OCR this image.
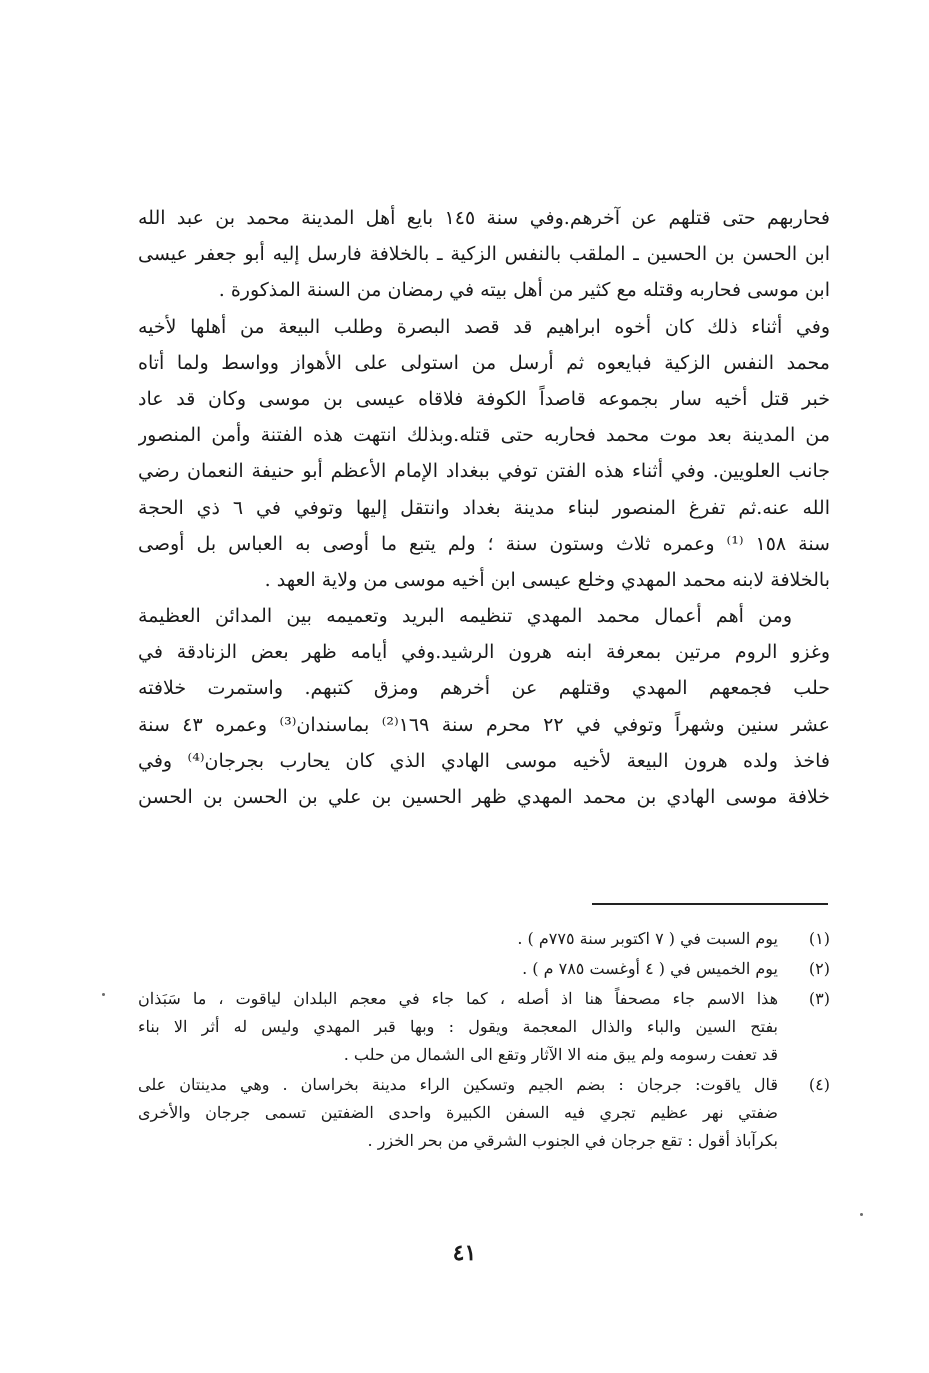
فحاربهم حتى قتلهم عن آخرهم.وفي سنة ١٤٥ بايع أهل المدينة محمد بن عبد الله
ابن الحسن بن الحسين ـ الملقب بالنفس الزكية ـ بالخلافة فارسل إليه أبو جعفر عيسى
ابن موسى فحاربه وقتله مع كثير من أهل بيته في رمضان من السنة المذكورة .
وفي أثناء ذلك كان أخوه ابراهيم قد قصد البصرة وطلب البيعة من أهلها لأخيه
محمد النفس الزكية فبايعوه ثم أرسل من استولى على الأهواز وواسط ولما أتاه
خبر قتل أخيه سار بجموعه قاصداً الكوفة فلاقاه عيسى بن موسى وكان قد عاد
من المدينة بعد موت محمد فحاربه حتى قتله.وبذلك انتهت هذه الفتنة وأمن المنصور
جانب العلويين. وفي أثناء هذه الفتن توفي ببغداد الإمام الأعظم أبو حنيفة النعمان رضي
الله عنه.ثم تفرغ المنصور لبناء مدينة بغداد وانتقل إليها وتوفي في ٦ ذي الحجة
سنة ١٥٨ ⁽¹⁾ وعمره ثلاث وستون سنة ؛ ولم يتبع ما أوصى به العباس بل أوصى
بالخلافة لابنه محمد المهدي وخلع عيسى ابن أخيه موسى من ولاية العهد .
ومن أهم أعمال محمد المهدي تنظيمه البريد وتعميمه بين المدائن العظيمة
وغزو الروم مرتين بمعرفة ابنه هرون الرشيد.وفي أيامه ظهر بعض الزنادقة في
حلب فجمعهم المهدي وقتلهم عن أخرهم ومزق كتبهم. واستمرت خلافته
عشر سنين وشهراً وتوفي في ٢٢ محرم سنة ١٦٩⁽²⁾ بماسندان⁽³⁾ وعمره ٤٣ سنة
فاخذ ولده هرون البيعة لأخيه موسى الهادي الذي كان يحارب بجرجان⁽⁴⁾ وفي
خلافة موسى الهادي بن محمد المهدي ظهر الحسين بن علي بن الحسن بن الحسن
(١)
يوم السبت في ( ٧ اكتوبر سنة ٧٧٥م ) .
(٢)
يوم الخميس في ( ٤ أوغست ٧٨٥ م ) .
(٣)
هذا الاسم جاء مصحفاً هنا اذ أصله ، كما جاء في معجم البلدان لياقوت ، ما سَبَذان
بفتح السين والباء والذال المعجمة ويقول : وبها قبر المهدي وليس له أثر الا بناء
قد تعفت رسومه ولم يبق منه الا الآثار وتقع الى الشمال من حلب .
(٤)
قال ياقوت: جرجان : بضم الجيم وتسكين الراء مدينة بخراسان . وهي مدينتان على
ضفتي نهر عظيم تجري فيه السفن الكبيرة واحدى الضفتين تسمى جرجان والأخرى
بكرآباذ أقول : تقع جرجان في الجنوب الشرقي من بحر الخزر .
٤١
